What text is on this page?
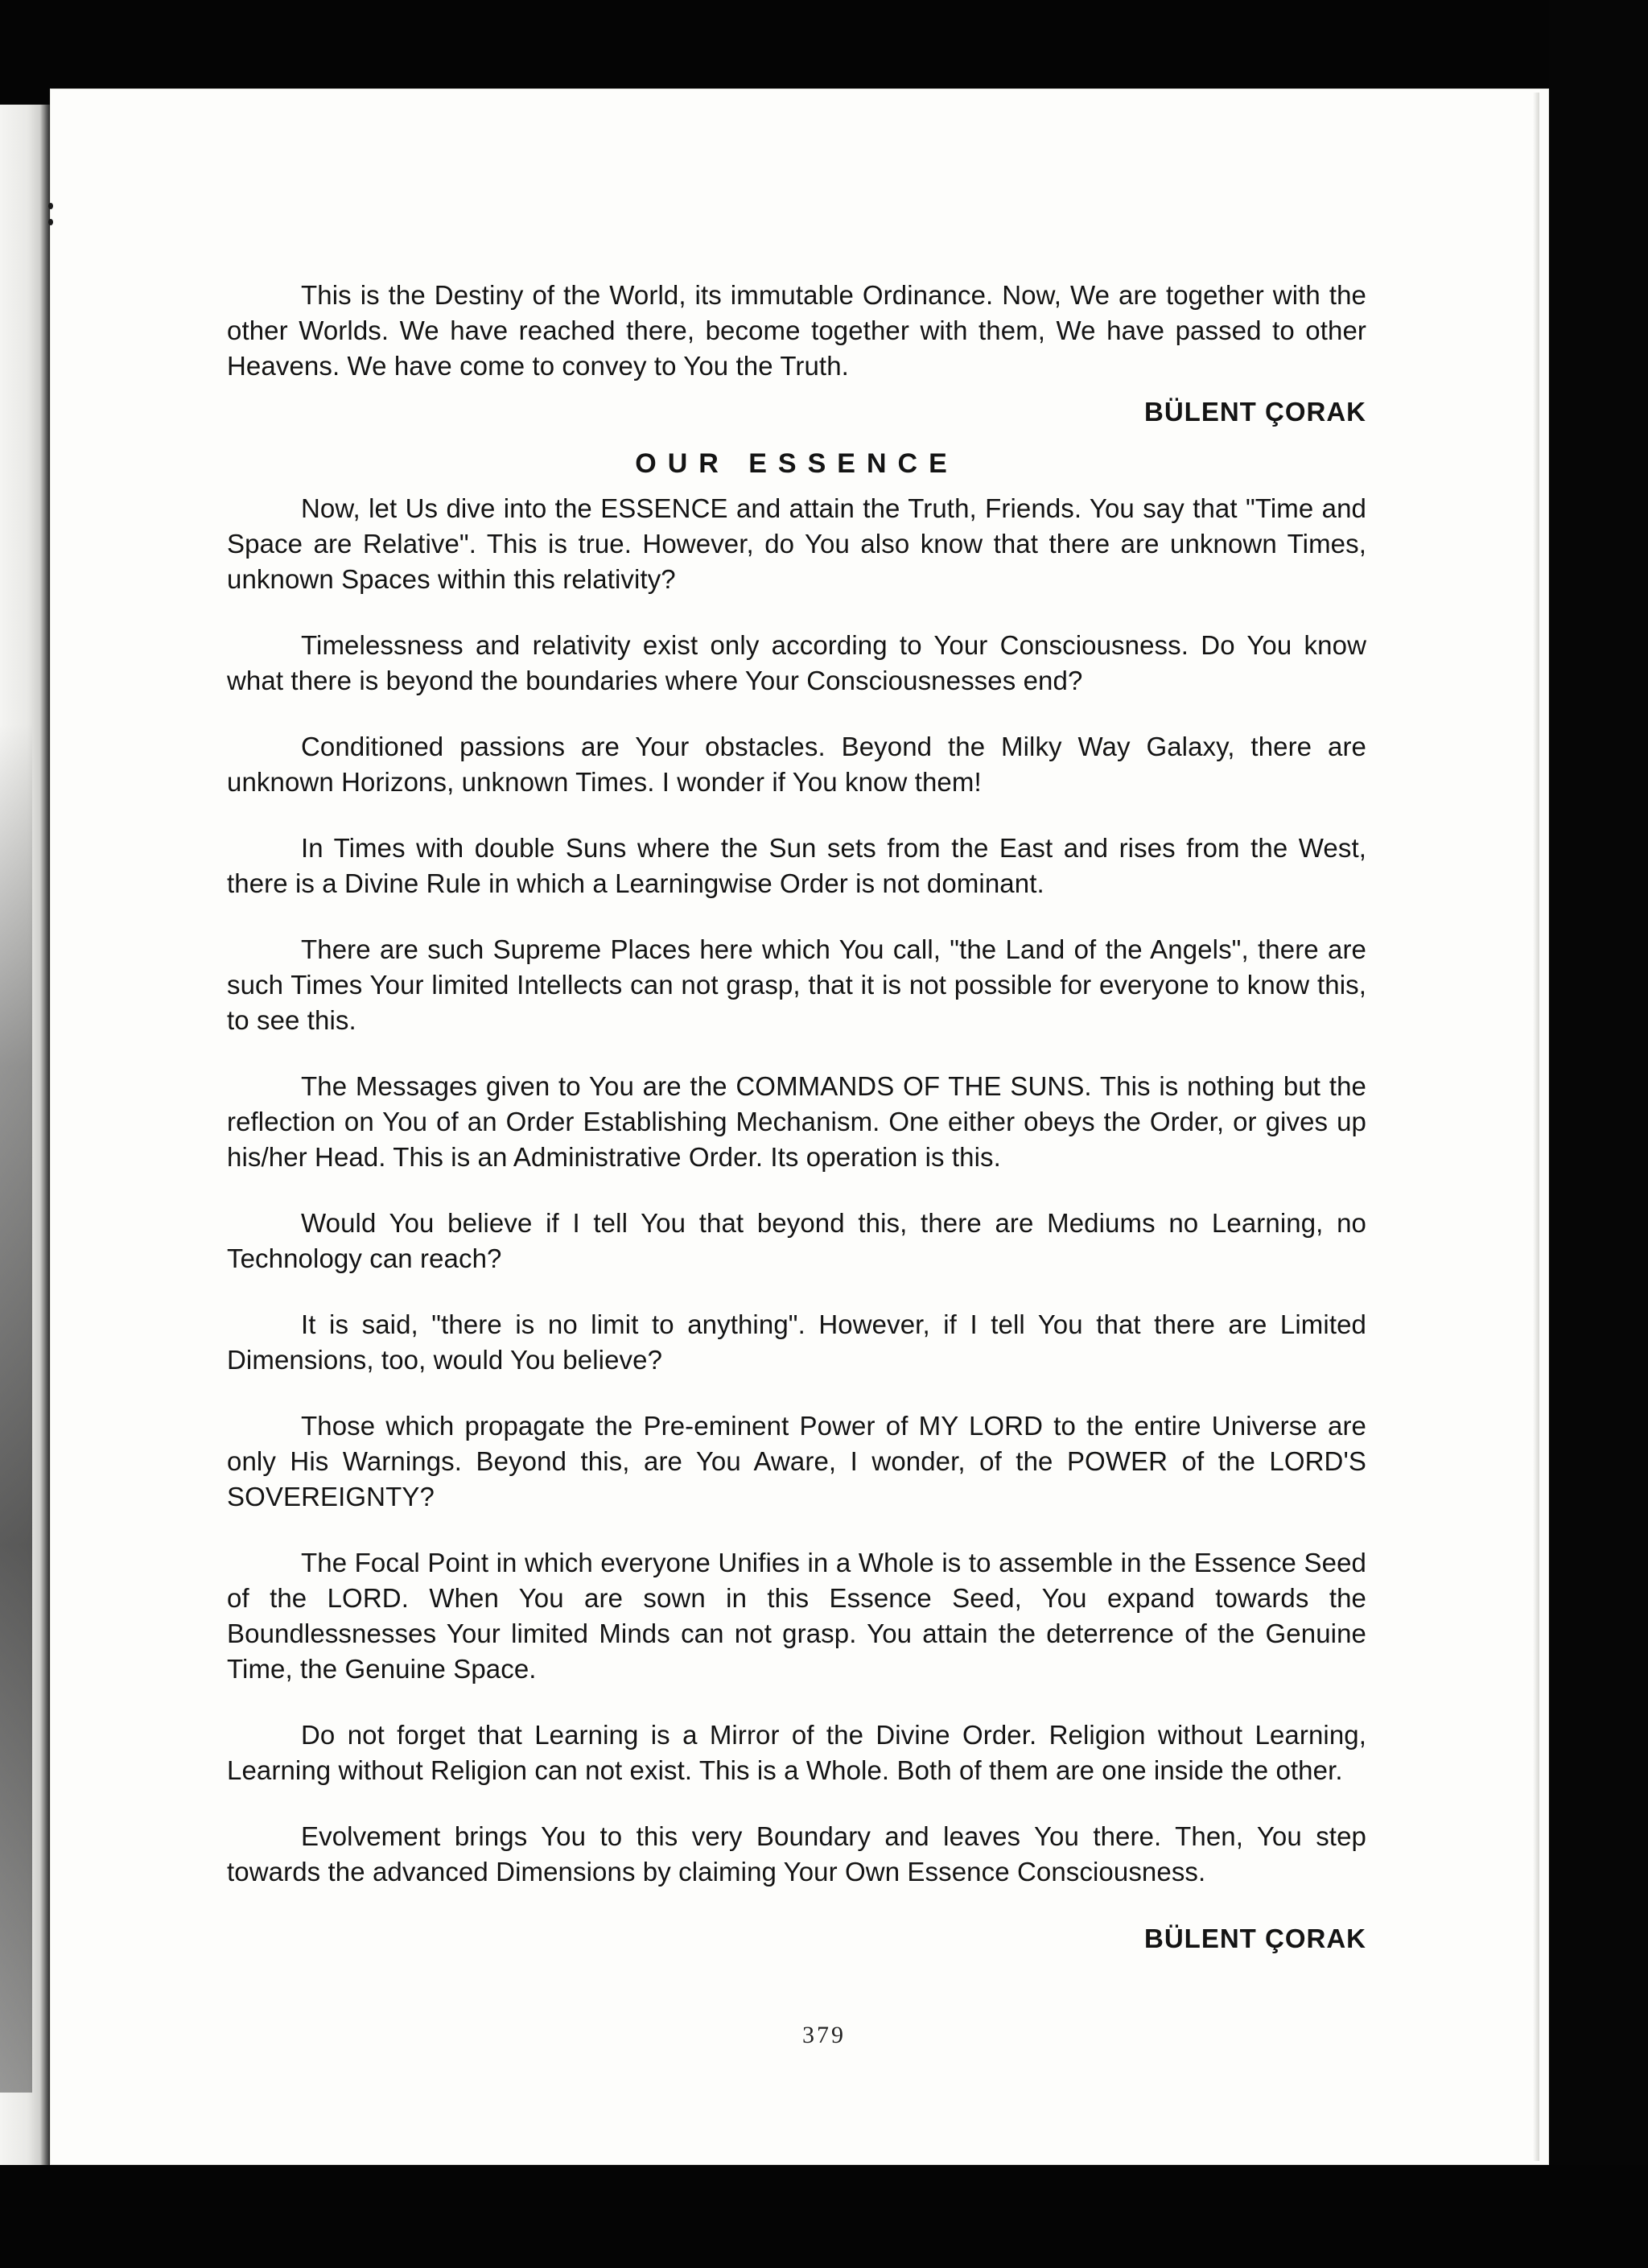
This is the Destiny of the World, its immutable Ordinance. Now, We are together with the other Worlds. We have reached there, become together with them, We have passed to other Heavens. We have come to convey to You the Truth.

BÜLENT ÇORAK

OUR ESSENCE

Now, let Us dive into the ESSENCE and attain the Truth, Friends. You say that "Time and Space are Relative". This is true. However, do You also know that there are unknown Times, unknown Spaces within this relativity?

Timelessness and relativity exist only according to Your Consciousness. Do You know what there is beyond the boundaries where Your Consciousnesses end?

Conditioned passions are Your obstacles. Beyond the Milky Way Galaxy, there are unknown Horizons, unknown Times. I wonder if You know them!

In Times with double Suns where the Sun sets from the East and rises from the West, there is a Divine Rule in which a Learningwise Order is not dominant.

There are such Supreme Places here which You call, "the Land of the Angels", there are such Times Your limited Intellects can not grasp, that it is not possible for everyone to know this, to see this.

The Messages given to You are the COMMANDS OF THE SUNS. This is nothing but the reflection on You of an Order Establishing Mechanism. One either obeys the Order, or gives up his/her Head. This is an Administrative Order. Its operation is this.

Would You believe if I tell You that beyond this, there are Mediums no Learning, no Technology can reach?

It is said, "there is no limit to anything". However, if I tell You that there are Limited Dimensions, too, would You believe?

Those which propagate the Pre-eminent Power of MY LORD to the entire Universe are only His Warnings. Beyond this, are You Aware, I wonder, of the POWER of the LORD'S SOVEREIGNTY?

The Focal Point in which everyone Unifies in a Whole is to assemble in the Essence Seed of the LORD. When You are sown in this Essence Seed, You expand towards the Boundlessnesses Your limited Minds can not grasp. You attain the deterrence of the Genuine Time, the Genuine Space.

Do not forget that Learning is a Mirror of the Divine Order. Religion without Learning, Learning without Religion can not exist. This is a Whole. Both of them are one inside the other.

Evolvement brings You to this very Boundary and leaves You there. Then, You step towards the advanced Dimensions by claiming Your Own Essence Consciousness.

BÜLENT ÇORAK

379
